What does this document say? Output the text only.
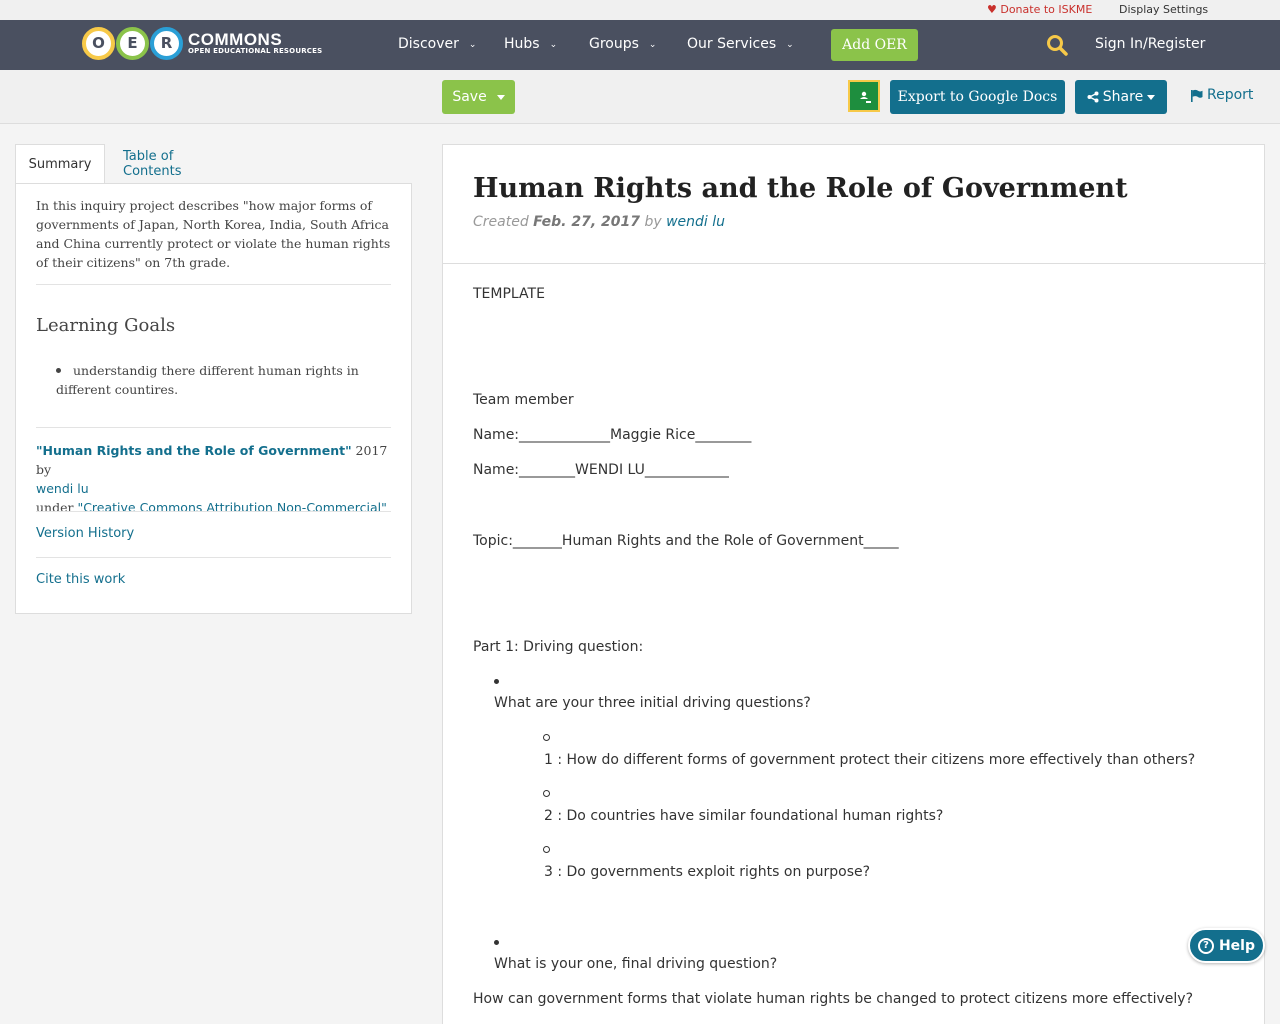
♥ Donate to ISKME Display Settings
O	E	R COMMONS
OPEN EDUCATIONAL RESOURCES	Discover ⌄ Hubs ⌄ Groups ⌄ Our Services ⌄	Add OER	Sign In/Register
Save	Export to Google Docs	Share	Report
Summary
Table of Contents
In this inquiry project describes "how major forms of governments of Japan, North Korea, India, South Africa and China currently protect or violate the human rights of their citizens" on 7th grade.
Learning Goals
understandig there different human rights in different countires.
"Human Rights and the Role of Government" 2017 by
wendi lu
under "Creative Commons Attribution Non-Commercial"
Version History
Cite this work
Human Rights and the Role of Government
Created Feb. 27, 2017 by wendi lu
TEMPLATE
Team member
Name:_____________Maggie Rice________
Name:________WENDI LU____________
Topic:_______Human Rights and the Role of Government_____
Part 1: Driving question:
What are your three initial driving questions?
1 : How do different forms of government protect their citizens more effectively than others?
2 : Do countries have similar foundational human rights?
3 : Do governments exploit rights on purpose?
What is your one, final driving question?
How can government forms that violate human rights be changed to protect citizens more effectively?
? Help
